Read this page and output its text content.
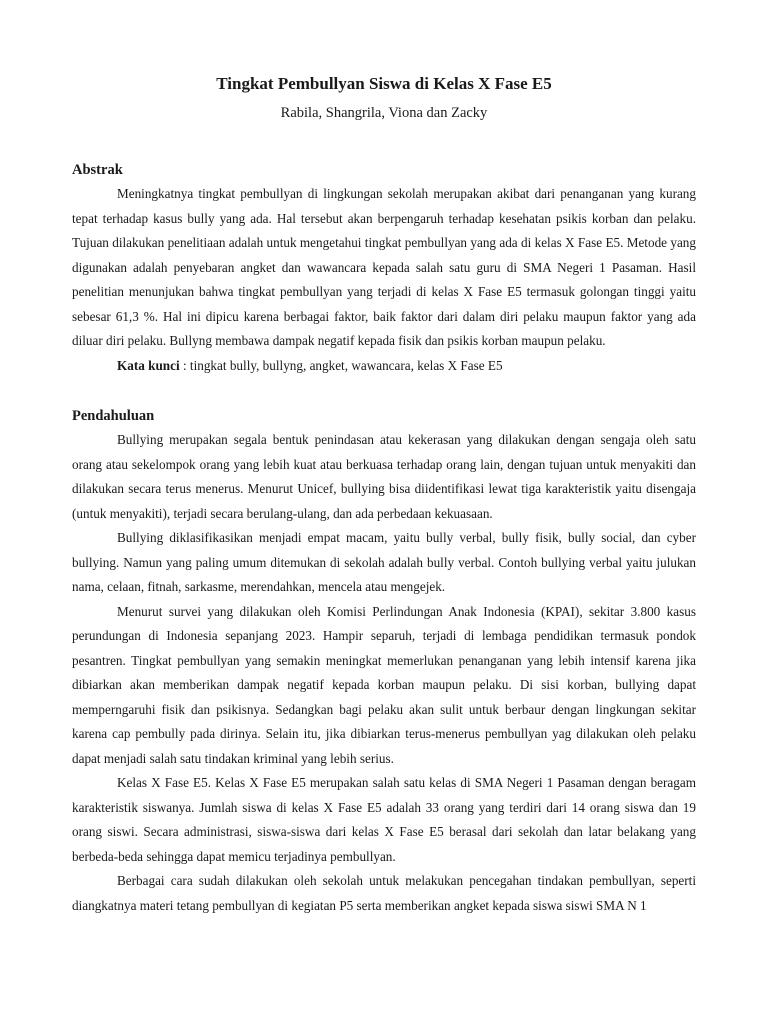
Tingkat Pembullyan Siswa di Kelas X Fase E5

Rabila, Shangrila, Viona dan Zacky

Abstrak

Meningkatnya tingkat pembullyan di lingkungan sekolah merupakan akibat dari penanganan yang kurang tepat terhadap kasus bully yang ada. Hal tersebut akan berpengaruh terhadap kesehatan psikis korban dan pelaku. Tujuan dilakukan penelitiaan adalah untuk mengetahui tingkat pembullyan yang ada di kelas X Fase E5. Metode yang digunakan adalah penyebaran angket dan wawancara kepada salah satu guru di SMA Negeri 1 Pasaman. Hasil penelitian menunjukan bahwa tingkat pembullyan yang terjadi di kelas X Fase E5 termasuk golongan tinggi yaitu sebesar 61,3 %. Hal ini dipicu karena berbagai faktor, baik faktor dari dalam diri pelaku maupun faktor yang ada diluar diri pelaku. Bullyng membawa dampak negatif kepada fisik dan psikis korban maupun pelaku.

Kata kunci : tingkat bully, bullyng, angket, wawancara, kelas X Fase E5

Pendahuluan

Bullying merupakan segala bentuk penindasan atau kekerasan yang dilakukan dengan sengaja oleh satu orang atau sekelompok orang yang lebih kuat atau berkuasa terhadap orang lain, dengan tujuan untuk menyakiti dan dilakukan secara terus menerus. Menurut Unicef, bullying bisa diidentifikasi lewat tiga karakteristik yaitu disengaja (untuk menyakiti), terjadi secara berulang-ulang, dan ada perbedaan kekuasaan.

Bullying diklasifikasikan menjadi empat macam, yaitu bully verbal, bully fisik, bully social, dan cyber bullying. Namun yang paling umum ditemukan di sekolah adalah bully verbal. Contoh bullying verbal yaitu julukan nama, celaan, fitnah, sarkasme, merendahkan, mencela atau mengejek.

Menurut survei yang dilakukan oleh Komisi Perlindungan Anak Indonesia (KPAI), sekitar 3.800 kasus perundungan di Indonesia sepanjang 2023. Hampir separuh, terjadi di lembaga pendidikan termasuk pondok pesantren. Tingkat pembullyan yang semakin meningkat memerlukan penanganan yang lebih intensif karena jika dibiarkan akan memberikan dampak negatif kepada korban maupun pelaku. Di sisi korban, bullying dapat memperngaruhi fisik dan psikisnya. Sedangkan bagi pelaku akan sulit untuk berbaur dengan lingkungan sekitar karena cap pembully pada dirinya. Selain itu, jika dibiarkan terus-menerus pembullyan yag dilakukan oleh pelaku dapat menjadi salah satu tindakan kriminal yang lebih serius.

Kelas X Fase E5. Kelas X Fase E5 merupakan salah satu kelas di SMA Negeri 1 Pasaman dengan beragam karakteristik siswanya. Jumlah siswa di kelas X Fase E5 adalah 33 orang yang terdiri dari 14 orang siswa dan 19 orang siswi. Secara administrasi, siswa-siswa dari kelas X Fase E5 berasal dari sekolah dan latar belakang yang berbeda-beda sehingga dapat memicu terjadinya pembullyan.

Berbagai cara sudah dilakukan oleh sekolah untuk melakukan pencegahan tindakan pembullyan, seperti diangkatnya materi tetang pembullyan di kegiatan P5 serta memberikan angket kepada siswa siswi SMA N 1
